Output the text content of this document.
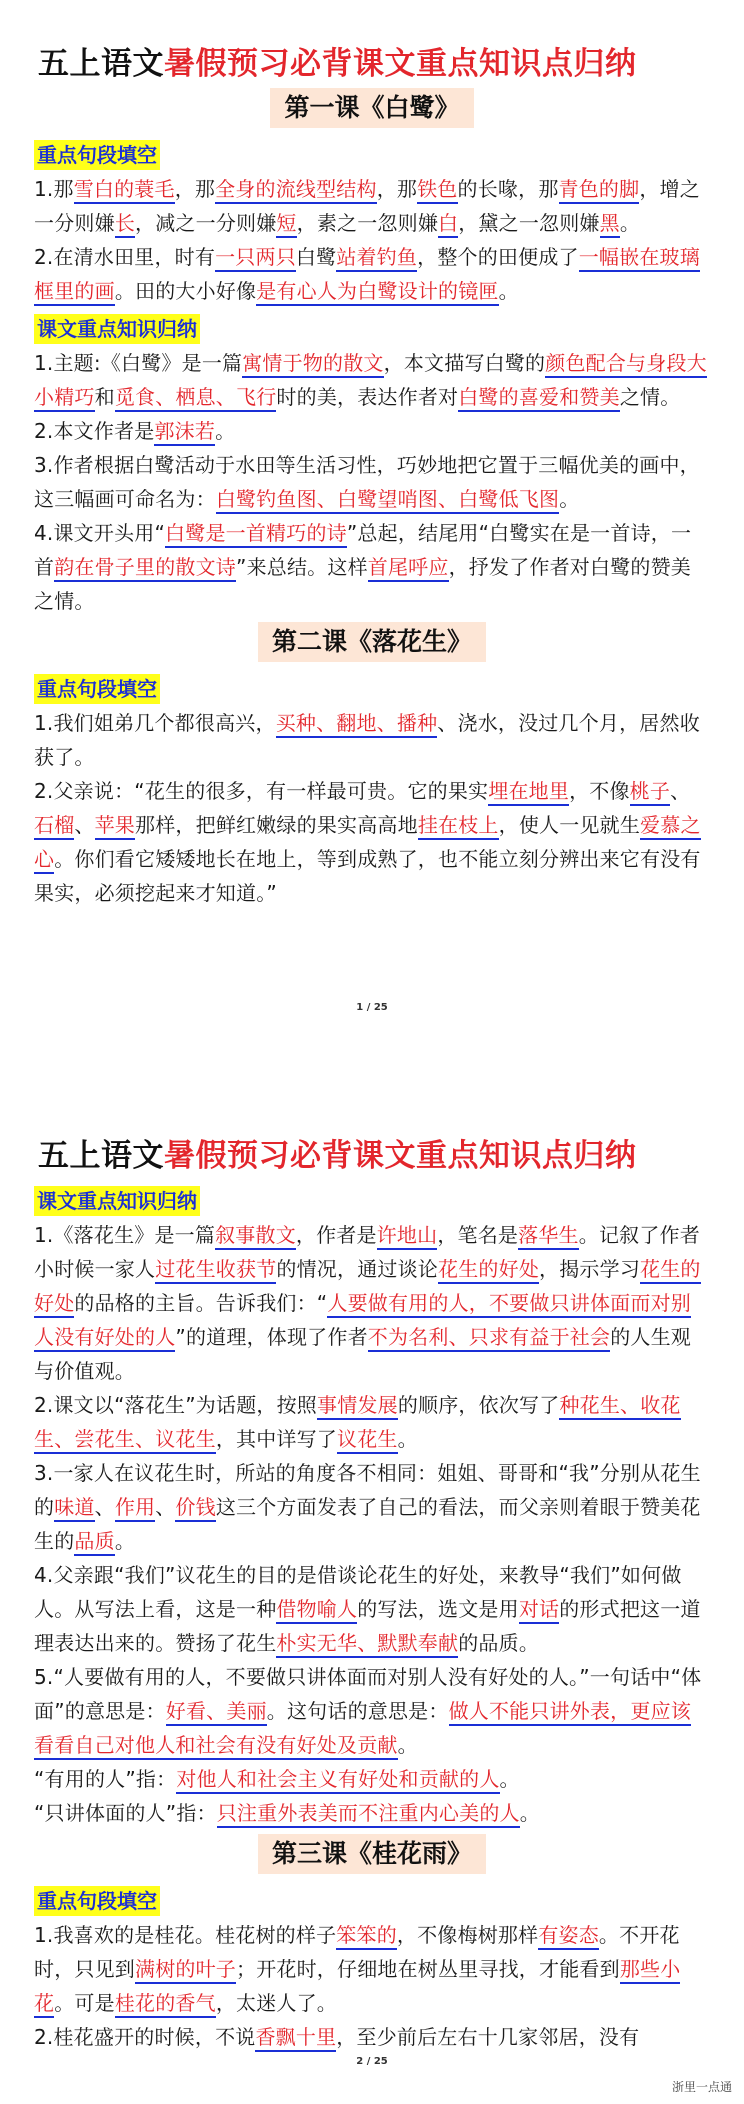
五上语文暑假预习必背课文重点知识点归纳
第一课《白鹭》
重点句段填空

1.那雪白的蓑毛，那全身的流线型结构，那铁色的长喙，那青色的脚，增之一分则嫌长，减之一分则嫌短，素之一忽则嫌白，黛之一忽则嫌黑。

2.在清水田里，时有一只两只白鹭站着钓鱼，整个的田便成了一幅嵌在玻璃框里的画。田的大小好像是有心人为白鹭设计的镜匣。

课文重点知识归纳

1.主题:《白鹭》是一篇寓情于物的散文，本文描写白鹭的颜色配合与身段大小精巧和觅食、栖息、飞行时的美，表达作者对白鹭的喜爱和赞美之情。

2.本文作者是郭沫若。

3.作者根据白鹭活动于水田等生活习性，巧妙地把它置于三幅优美的画中，这三幅画可命名为：白鹭钓鱼图、白鹭望哨图、白鹭低飞图。

4.课文开头用“白鹭是一首精巧的诗”总起，结尾用“白鹭实在是一首诗，一首韵在骨子里的散文诗”来总结。这样首尾呼应，抒发了作者对白鹭的赞美之情。

第二课《落花生》
重点句段填空

1.我们姐弟几个都很高兴，买种、翻地、播种、浇水，没过几个月，居然收获了。

2.父亲说：“花生的很多，有一样最可贵。它的果实埋在地里，不像桃子、石榴、苹果那样，把鲜红嫩绿的果实高高地挂在枝上，使人一见就生爱慕之心。你们看它矮矮地长在地上，等到成熟了，也不能立刻分辨出来它有没有果实，必须挖起来才知道。”

1 / 25
五上语文暑假预习必背课文重点知识点归纳
课文重点知识归纳

1.《落花生》是一篇叙事散文，作者是许地山，笔名是落华生。记叙了作者小时候一家人过花生收获节的情况，通过谈论花生的好处，揭示学习花生的好处的品格的主旨。告诉我们：“人要做有用的人，不要做只讲体面而对别人没有好处的人”的道理，体现了作者不为名利、只求有益于社会的人生观与价值观。

2.课文以“落花生”为话题，按照事情发展的顺序，依次写了种花生、收花生、尝花生、议花生，其中详写了议花生。

3.一家人在议花生时，所站的角度各不相同：姐姐、哥哥和“我”分别从花生的味道、作用、价钱这三个方面发表了自己的看法，而父亲则着眼于赞美花生的品质。

4.父亲跟“我们”议花生的目的是借谈论花生的好处，来教导“我们”如何做人。从写法上看，这是一种借物喻人的写法，选文是用对话的形式把这一道理表达出来的。赞扬了花生朴实无华、默默奉献的品质。

5.“人要做有用的人，不要做只讲体面而对别人没有好处的人。”一句话中“体面”的意思是：好看、美丽。这句话的意思是：做人不能只讲外表，更应该看看自己对他人和社会有没有好处及贡献。

“有用的人”指：对他人和社会主义有好处和贡献的人。

“只讲体面的人”指：只注重外表美而不注重内心美的人。

第三课《桂花雨》
重点句段填空

1.我喜欢的是桂花。桂花树的样子笨笨的，不像梅树那样有姿态。不开花时，只见到满树的叶子；开花时，仔细地在树丛里寻找，才能看到那些小花。可是桂花的香气，太迷人了。

2.桂花盛开的时候，不说香飘十里，至少前后左右十几家邻居，没有

2 / 25
浙里一点通
